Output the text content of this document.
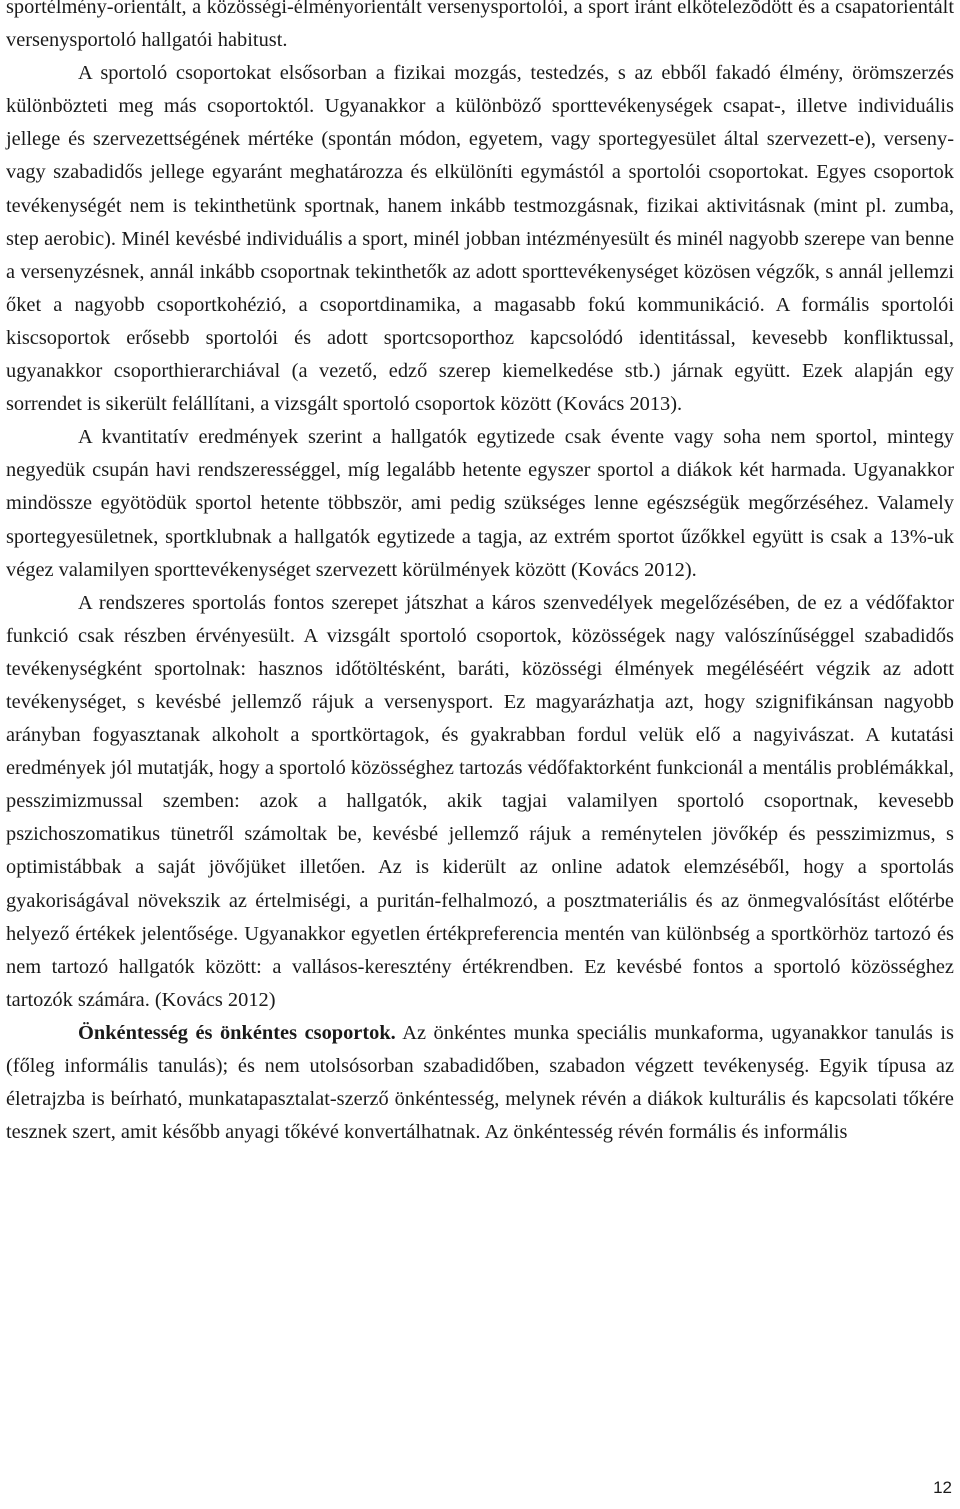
sportélmény-orientált, a közösségi-élményorientált versenysportolói, a sport iránt elkötelezõdött és a csapatorientált versenysportoló hallgatói habitust.

A sportoló csoportokat elsősorban a fizikai mozgás, testedzés, s az ebből fakadó élmény, örömszerzés különbözteti meg más csoportoktól. Ugyanakkor a különböző sporttevékenységek csapat-, illetve individuális jellege és szervezettségének mértéke (spontán módon, egyetem, vagy sportegyesület által szervezett-e), verseny- vagy szabadidős jellege egyaránt meghatározza és elkülöníti egymástól a sportolói csoportokat. Egyes csoportok tevékenységét nem is tekinthetünk sportnak, hanem inkább testmozgásnak, fizikai aktivitásnak (mint pl. zumba, step aerobic). Minél kevésbé individuális a sport, minél jobban intézményesült és minél nagyobb szerepe van benne a versenyzésnek, annál inkább csoportnak tekinthetők az adott sporttevékenységet közösen végzők, s annál jellemzi őket a nagyobb csoportkohézió, a csoportdinamika, a magasabb fokú kommunikáció. A formális sportolói kiscsoportok erősebb sportolói és adott sportcsoporthoz kapcsolódó identitással, kevesebb konfliktussal, ugyanakkor csoporthierarchiával (a vezető, edző szerep kiemelkedése stb.) járnak együtt. Ezek alapján egy sorrendet is sikerült felállítani, a vizsgált sportoló csoportok között (Kovács 2013).

A kvantitatív eredmények szerint a hallgatók egytizede csak évente vagy soha nem sportol, mintegy negyedük csupán havi rendszerességgel, míg legalább hetente egyszer sportol a diákok két harmada. Ugyanakkor mindössze egyötödük sportol hetente többször, ami pedig szükséges lenne egészségük megőrzéséhez. Valamely sportegyesületnek, sportklubnak a hallgatók egytizede a tagja, az extrém sportot űzőkkel együtt is csak a 13%-uk végez valamilyen sporttevékenységet szervezett körülmények között (Kovács 2012).

A rendszeres sportolás fontos szerepet játszhat a káros szenvedélyek megelőzésében, de ez a védőfaktor funkció csak részben érvényesült. A vizsgált sportoló csoportok, közösségek nagy valószínűséggel szabadidős tevékenységként sportolnak: hasznos időtöltésként, baráti, közösségi élmények megéléséért végzik az adott tevékenységet, s kevésbé jellemző rájuk a versenysport. Ez magyarázhatja azt, hogy szignifikánsan nagyobb arányban fogyasztanak alkoholt a sportkörtagok, és gyakrabban fordul velük elő a nagyivászat. A kutatási eredmények jól mutatják, hogy a sportoló közösséghez tartozás védőfaktorként funkcionál a mentális problémákkal, pesszimizmussal szemben: azok a hallgatók, akik tagjai valamilyen sportoló csoportnak, kevesebb pszichoszomatikus tünetről számoltak be, kevésbé jellemző rájuk a reménytelen jövőkép és pesszimizmus, s optimistábbak a saját jövőjüket illetően. Az is kiderült az online adatok elemzéséből, hogy a sportolás gyakoriságával növekszik az értelmiségi, a puritán-felhalmozó, a posztmateriális és az önmegvalósítást előtérbe helyező értékek jelentősége. Ugyanakkor egyetlen értékpreferencia mentén van különbség a sportkörhöz tartozó és nem tartozó hallgatók között: a vallásos-keresztény értékrendben. Ez kevésbé fontos a sportoló közösséghez tartozók számára. (Kovács 2012)

Önkéntesség és önkéntes csoportok. Az önkéntes munka speciális munkaforma, ugyanakkor tanulás is (főleg informális tanulás); és nem utolsósorban szabadidőben, szabadon végzett tevékenység. Egyik típusa az életrajzba is beírható, munkatapasztalat-szerző önkéntesség, melynek révén a diákok kulturális és kapcsolati tőkére tesznek szert, amit később anyagi tőkévé konvertálhatnak. Az önkéntesség révén formális és informális

12
